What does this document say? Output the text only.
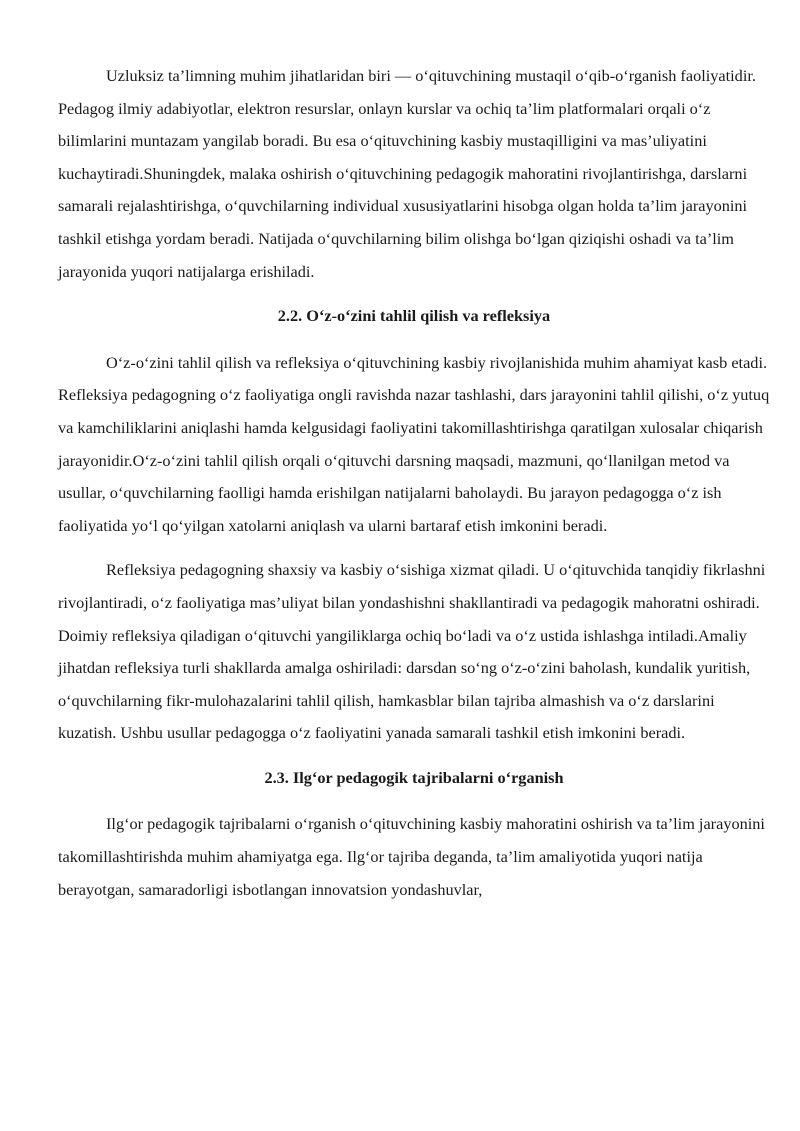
Uzluksiz ta’limning muhim jihatlaridan biri — o‘qituvchining mustaqil o‘qib-o‘rganish faoliyatidir. Pedagog ilmiy adabiyotlar, elektron resurslar, onlayn kurslar va ochiq ta’lim platformalari orqali o‘z bilimlarini muntazam yangilab boradi. Bu esa o‘qituvchining kasbiy mustaqilligini va mas’uliyatini kuchaytiradi.Shuningdek, malaka oshirish o‘qituvchining pedagogik mahoratini rivojlantirishga, darslarni samarali rejalashtirishga, o‘quvchilarning individual xususiyatlarini hisobga olgan holda ta’lim jarayonini tashkil etishga yordam beradi. Natijada o‘quvchilarning bilim olishga bo‘lgan qiziqishi oshadi va ta’lim jarayonida yuqori natijalarga erishiladi.

2.2. O‘z-o‘zini tahlil qilish va refleksiya

O‘z-o‘zini tahlil qilish va refleksiya o‘qituvchining kasbiy rivojlanishida muhim ahamiyat kasb etadi. Refleksiya pedagogning o‘z faoliyatiga ongli ravishda nazar tashlashi, dars jarayonini tahlil qilishi, o‘z yutuq va kamchiliklarini aniqlashi hamda kelgusidagi faoliyatini takomillashtirishga qaratilgan xulosalar chiqarish jarayonidir.O‘z-o‘zini tahlil qilish orqali o‘qituvchi darsning maqsadi, mazmuni, qo‘llanilgan metod va usullar, o‘quvchilarning faolligi hamda erishilgan natijalarni baholaydi. Bu jarayon pedagogga o‘z ish faoliyatida yo‘l qo‘yilgan xatolarni aniqlash va ularni bartaraf etish imkonini beradi.

Refleksiya pedagogning shaxsiy va kasbiy o‘sishiga xizmat qiladi. U o‘qituvchida tanqidiy fikrlashni rivojlantiradi, o‘z faoliyatiga mas’uliyat bilan yondashishni shakllantiradi va pedagogik mahoratni oshiradi. Doimiy refleksiya qiladigan o‘qituvchi yangiliklarga ochiq bo‘ladi va o‘z ustida ishlashga intiladi.Amaliy jihatdan refleksiya turli shakllarda amalga oshiriladi: darsdan so‘ng o‘z-o‘zini baholash, kundalik yuritish, o‘quvchilarning fikr-mulohazalarini tahlil qilish, hamkasblar bilan tajriba almashish va o‘z darslarini kuzatish. Ushbu usullar pedagogga o‘z faoliyatini yanada samarali tashkil etish imkonini beradi.

2.3. Ilg‘or pedagogik tajribalarni o‘rganish

Ilg‘or pedagogik tajribalarni o‘rganish o‘qituvchining kasbiy mahoratini oshirish va ta’lim jarayonini takomillashtirishda muhim ahamiyatga ega. Ilg‘or tajriba deganda, ta’lim amaliyotida yuqori natija berayotgan, samaradorligi isbotlangan innovatsion yondashuvlar,
